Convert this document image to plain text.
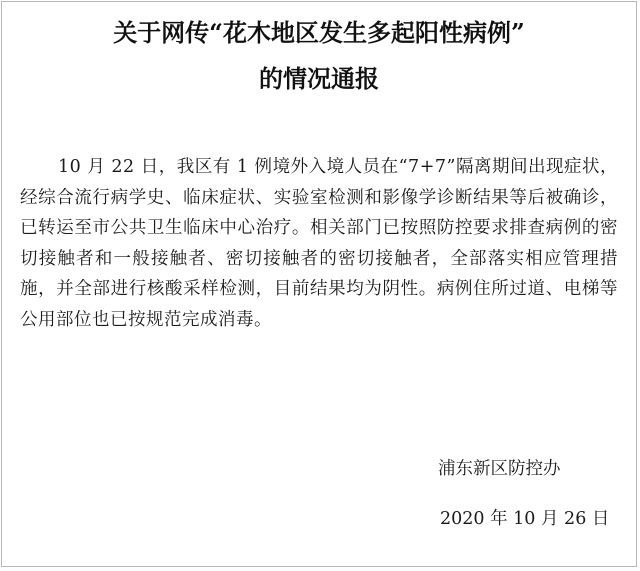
关于网传“花木地区发生多起阳性病例”
的情况通报

10 月 22 日，我区有 1 例境外入境人员在“7+7”隔离期间出现症状，经综合流行病学史、临床症状、实验室检测和影像学诊断结果等后被确诊，已转运至市公共卫生临床中心治疗。相关部门已按照防控要求排查病例的密切接触者和一般接触者、密切接触者的密切接触者，全部落实相应管理措施，并全部进行核酸采样检测，目前结果均为阴性。病例住所过道、电梯等公用部位也已按规范完成消毒。

浦东新区防控办
2020 年 10 月 26 日
